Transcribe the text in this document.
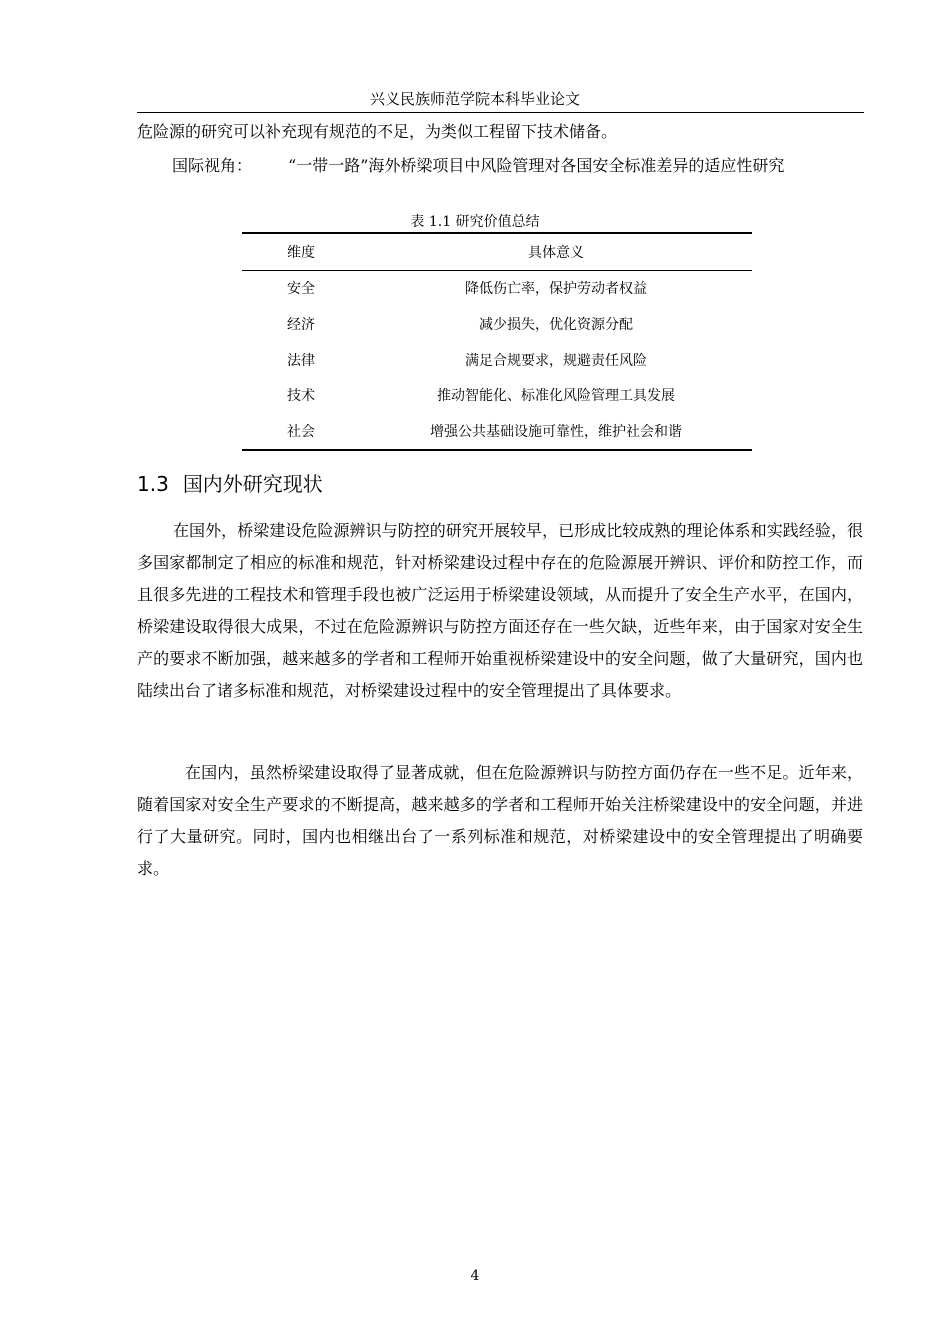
兴义民族师范学院本科毕业论文
危险源的研究可以补充现有规范的不足，为类似工程留下技术储备。
国际视角： “一带一路”海外桥梁项目中风险管理对各国安全标准差异的适应性研究
表 1.1 研究价值总结
维度	具体意义
安全	降低伤亡率，保护劳动者权益
经济	减少损失，优化资源分配
法律	满足合规要求，规避责任风险
技术	推动智能化、标准化风险管理工具发展
社会	增强公共基础设施可靠性，维护社会和谐
1.3 国内外研究现状
在国外，桥梁建设危险源辨识与防控的研究开展较早，已形成比较成熟的理论体系和实践经验，很多国家都制定了相应的标准和规范，针对桥梁建设过程中存在的危险源展开辨识、评价和防控工作，而且很多先进的工程技术和管理手段也被广泛运用于桥梁建设领域，从而提升了安全生产水平，在国内，桥梁建设取得很大成果，不过在危险源辨识与防控方面还存在一些欠缺，近些年来，由于国家对安全生产的要求不断加强，越来越多的学者和工程师开始重视桥梁建设中的安全问题，做了大量研究，国内也陆续出台了诸多标准和规范，对桥梁建设过程中的安全管理提出了具体要求。
在国内，虽然桥梁建设取得了显著成就，但在危险源辨识与防控方面仍存在一些不足。近年来，随着国家对安全生产要求的不断提高，越来越多的学者和工程师开始关注桥梁建设中的安全问题，并进行了大量研究。同时，国内也相继出台了一系列标准和规范，对桥梁建设中的安全管理提出了明确要求。
4
